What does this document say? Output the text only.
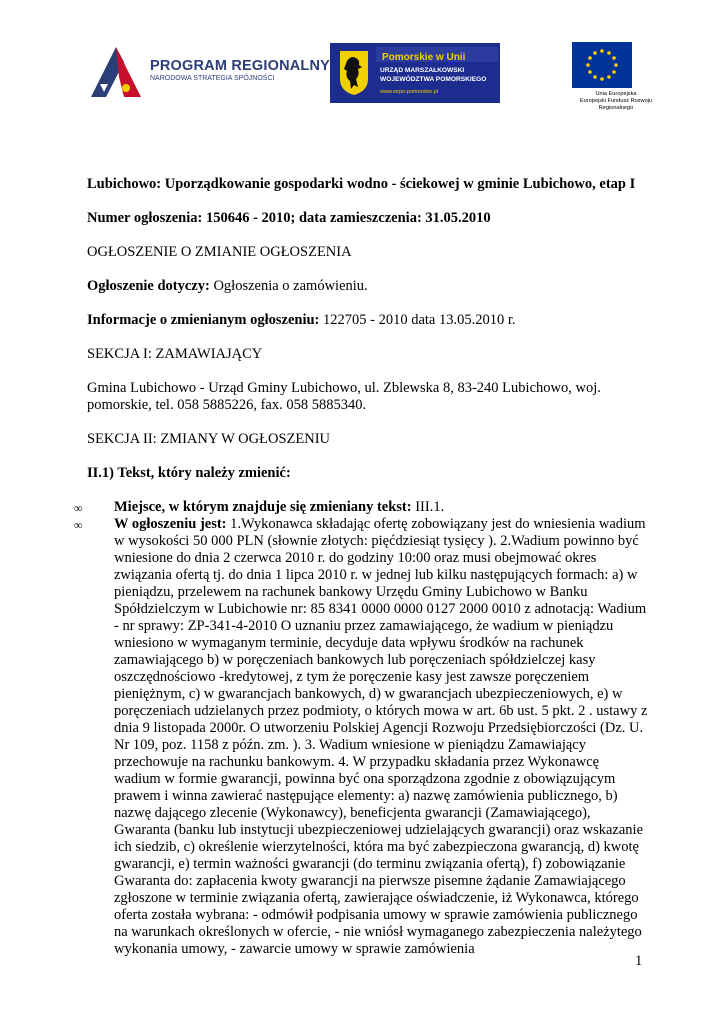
PROGRAM REGIONALNY
NARODOWA STRATEGIA SPÓJNOŚCI
Pomorskie w Unii
URZĄD MARSZAŁKOWSKI
WOJEWÓDZTWA POMORSKIEGO
www.wrpo-pomorskie.pl	Unia Europejska
Europejski Fundusz Rozwoju
Regionalnego

Lubichowo: Uporządkowanie gospodarki wodno - ściekowej w gminie Lubichowo, etap I

Numer ogłoszenia: 150646 - 2010; data zamieszczenia: 31.05.2010

OGŁOSZENIE O ZMIANIE OGŁOSZENIA

Ogłoszenie dotyczy: Ogłoszenia o zamówieniu.

Informacje o zmienianym ogłoszeniu: 122705 - 2010 data 13.05.2010 r.

SEKCJA I: ZAMAWIAJĄCY

Gmina Lubichowo - Urząd Gminy Lubichowo, ul. Zblewska 8, 83-240 Lubichowo, woj. pomorskie, tel. 058 5885226, fax. 058 5885340.

SEKCJA II: ZMIANY W OGŁOSZENIU

II.1) Tekst, który należy zmienić:

∞ Miejsce, w którym znajduje się zmieniany tekst: III.1.
∞ W ogłoszeniu jest: 1.Wykonawca składając ofertę zobowiązany jest do wniesienia wadium w wysokości 50 000 PLN (słownie złotych: pięćdziesiąt tysięcy ). 2.Wadium powinno być wniesione do dnia 2 czerwca 2010 r. do godziny 10:00 oraz musi obejmować okres związania ofertą tj. do dnia 1 lipca 2010 r. w jednej lub kilku następujących formach: a) w pieniądzu, przelewem na rachunek bankowy Urzędu Gminy Lubichowo w Banku Spółdzielczym w Lubichowie nr: 85 8341 0000 0000 0127 2000 0010 z adnotacją: Wadium - nr sprawy: ZP-341-4-2010 O uznaniu przez zamawiającego, że wadium w pieniądzu wniesiono w wymaganym terminie, decyduje data wpływu środków na rachunek zamawiającego b) w poręczeniach bankowych lub poręczeniach spółdzielczej kasy oszczędnościowo -kredytowej, z tym że poręczenie kasy jest zawsze poręczeniem pieniężnym, c) w gwarancjach bankowych, d) w gwarancjach ubezpieczeniowych, e) w poręczeniach udzielanych przez podmioty, o których mowa w art. 6b ust. 5 pkt. 2 . ustawy z dnia 9 listopada 2000r. O utworzeniu Polskiej Agencji Rozwoju Przedsiębiorczości (Dz. U. Nr 109, poz. 1158 z późn. zm. ). 3. Wadium wniesione w pieniądzu Zamawiający przechowuje na rachunku bankowym. 4. W przypadku składania przez Wykonawcę wadium w formie gwarancji, powinna być ona sporządzona zgodnie z obowiązującym prawem i winna zawierać następujące elementy: a) nazwę zamówienia publicznego, b) nazwę dającego zlecenie (Wykonawcy), beneficjenta gwarancji (Zamawiającego), Gwaranta (banku lub instytucji ubezpieczeniowej udzielających gwarancji) oraz wskazanie ich siedzib, c) określenie wierzytelności, która ma być zabezpieczona gwarancją, d) kwotę gwarancji, e) termin ważności gwarancji (do terminu związania ofertą), f) zobowiązanie Gwaranta do: zapłacenia kwoty gwarancji na pierwsze pisemne żądanie Zamawiającego zgłoszone w terminie związania ofertą, zawierające oświadczenie, iż Wykonawca, którego oferta została wybrana: - odmówił podpisania umowy w sprawie zamówienia publicznego na warunkach określonych w ofercie, - nie wniósł wymaganego zabezpieczenia należytego wykonania umowy, - zawarcie umowy w sprawie zamówienia
1
